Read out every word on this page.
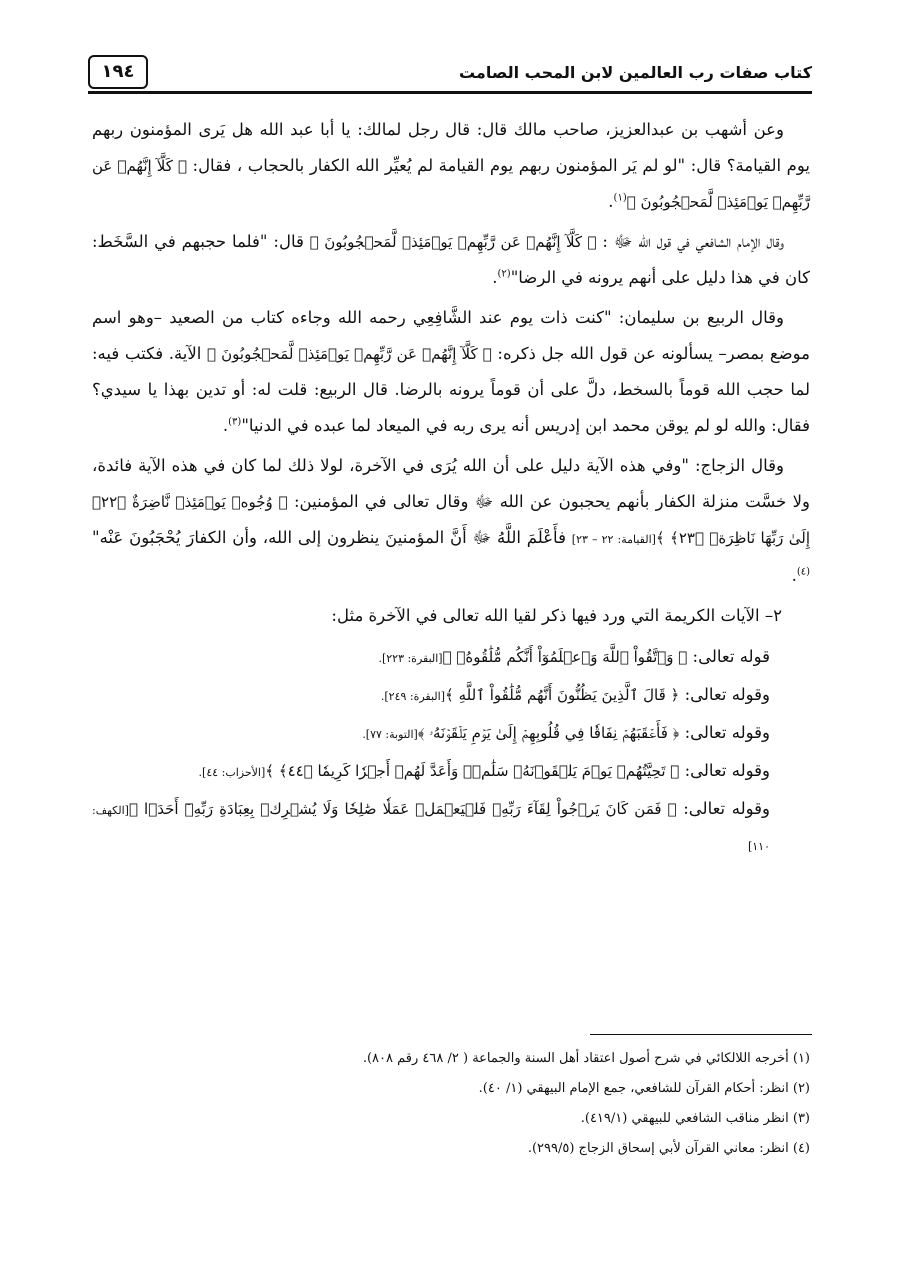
كتاب صفات رب العالمين لابن المحب الصامت
١٩٤

وعن أشهب بن عبدالعزيز، صاحب مالك قال: قال رجل لمالك: يا أبا عبد الله هل يَرى المؤمنون ربهم يوم القيامة؟ قال: "لو لم يَر المؤمنون ربهم يوم القيامة لم يُعيِّر الله الكفار بالحجاب ، فقال: ﴿ كَلَّآ إِنَّهُمۡ عَن رَّبِّهِمۡ يَوۡمَئِذٖ لَّمَحۡجُوبُونَ ﴾$^{(١)}$.

وقال الإمام الشافعي في قول الله ﷻ : ﴿ كَلَّآ إِنَّهُمۡ عَن رَّبِّهِمۡ يَوۡمَئِذٖ لَّمَحۡجُوبُونَ ﴾ قال: "فلما حجبهم في السَّخَط: كان في هذا دليل على أنهم يرونه في الرضا"$^{(٢)}$.

وقال الربيع بن سليمان: "كنت ذات يوم عند الشَّافِعِي رحمه الله وجاءه كتاب من الصعيد –وهو اسم موضع بمصر– يسألونه عن قول الله جل ذكره: ﴿ كَلَّآ إِنَّهُمۡ عَن رَّبِّهِمۡ يَوۡمَئِذٖ لَّمَحۡجُوبُونَ ﴾ الآية. فكتب فيه: لما حجب الله قوماً بالسخط، دلَّ على أن قوماً يرونه بالرضا. قال الربيع: قلت له: أو تدين بهذا يا سيدي؟ فقال: والله لو لم يوقن محمد ابن إدريس أنه يرى ربه في الميعاد لما عبده في الدنيا"$^{(٣)}$.

وقال الزجاج: "وفي هذه الآية دليل على أن الله يُرَى في الآخرة، لولا ذلك لما كان في هذه الآية فائدة، ولا خسَّت منزلة الكفار بأنهم يحجبون عن الله ﷻ وقال تعالى في المؤمنين: ﴿ وُجُوهٞ يَوۡمَئِذٖ نَّاضِرَةٌ ﴿٢٢﴾ إِلَىٰ رَبِّهَا نَاظِرَةٞ ﴿٢٣﴾ ﴾[القيامة: ٢٢ – ٢٣] فأَعْلَمَ اللَّهُ ﷻ أَنَّ المؤمنينَ ينظرون إلى الله، وأن الكفارَ يُحْجَبُونَ عَنْه"$^{(٤)}$.

٢– الآيات الكريمة التي ورد فيها ذكر لقيا الله تعالى في الآخرة مثل:

قوله تعالى: ﴿ وَٱتَّقُواْ ٱللَّهَ وَٱعۡلَمُوٓاْ أَنَّكُم مُّلَٰقُوهُۗ ﴾[البقرة: ٢٢٣].
وقوله تعالى: ﴿ قَالَ ٱلَّذِينَ يَظُنُّونَ أَنَّهُم مُّلَٰقُواْ ٱللَّهِ ﴾[البقرة: ٢٤٩].
وقوله تعالى: ﴿ فَأَعۡقَبَهُمۡ نِفَاقٗا فِي قُلُوبِهِمۡ إِلَىٰ يَوۡمِ يَلۡقَوۡنَهُۥ ﴾[التوبة: ٧٧].
وقوله تعالى: ﴿ تَحِيَّتُهُمۡ يَوۡمَ يَلۡقَوۡنَهُۥ سَلَٰمٞۚ وَأَعَدَّ لَهُمۡ أَجۡرٗا كَرِيمٗا ﴿٤٤﴾ ﴾[الأحزاب: ٤٤].
وقوله تعالى: ﴿ فَمَن كَانَ يَرۡجُواْ لِقَآءَ رَبِّهِۦ فَلۡيَعۡمَلۡ عَمَلٗا صَٰلِحٗا وَلَا يُشۡرِكۡ بِعِبَادَةِ رَبِّهِۦٓ أَحَدَۢا ﴾[الكهف: ١١٠]

(١) أخرجه اللالكائي في شرح أصول اعتقاد أهل السنة والجماعة ( ٢/ ٤٦٨ رقم ٨٠٨).

(٢) انظر: أحكام القرآن للشافعي، جمع الإمام البيهقي (١/ ٤٠).

(٣) انظر مناقب الشافعي للبيهقي (٤١٩/١).

(٤) انظر: معاني القرآن لأبي إسحاق الزجاج (٢٩٩/٥).
